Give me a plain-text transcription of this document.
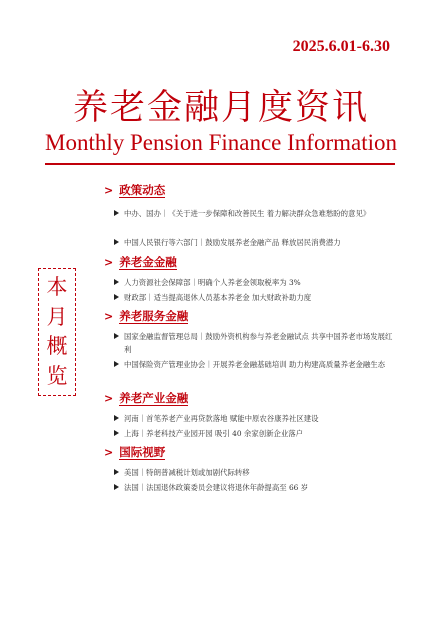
2025.6.01-6.30
养老金融月度资讯
Monthly Pension Finance Information
本
月
概
览
> 政策动态
中办、国办｜《关于进一步保障和改善民生 着力解决群众急难愁盼的意见》
中国人民银行等六部门｜鼓励发展养老金融产品 释放居民消费潜力
> 养老金金融
人力资源社会保障部｜明确个人养老金领取税率为 3%
财政部｜适当提高退休人员基本养老金 加大财政补助力度
> 养老服务金融
国家金融监督管理总局｜鼓励外资机构参与养老金融试点 共享中国养老市场发展红利
中国保险资产管理业协会｜开展养老金融基础培训 助力构建高质量养老金融生态
> 养老产业金融
河南｜首笔养老产业再贷款落地 赋能中原农谷康养社区建设
上海｜养老科技产业园开园 吸引 40 余家创新企业落户
> 国际视野
美国｜特朗普减税计划或加剧代际转移
法国｜法国退休政策委员会建议将退休年龄提高至 66 岁
